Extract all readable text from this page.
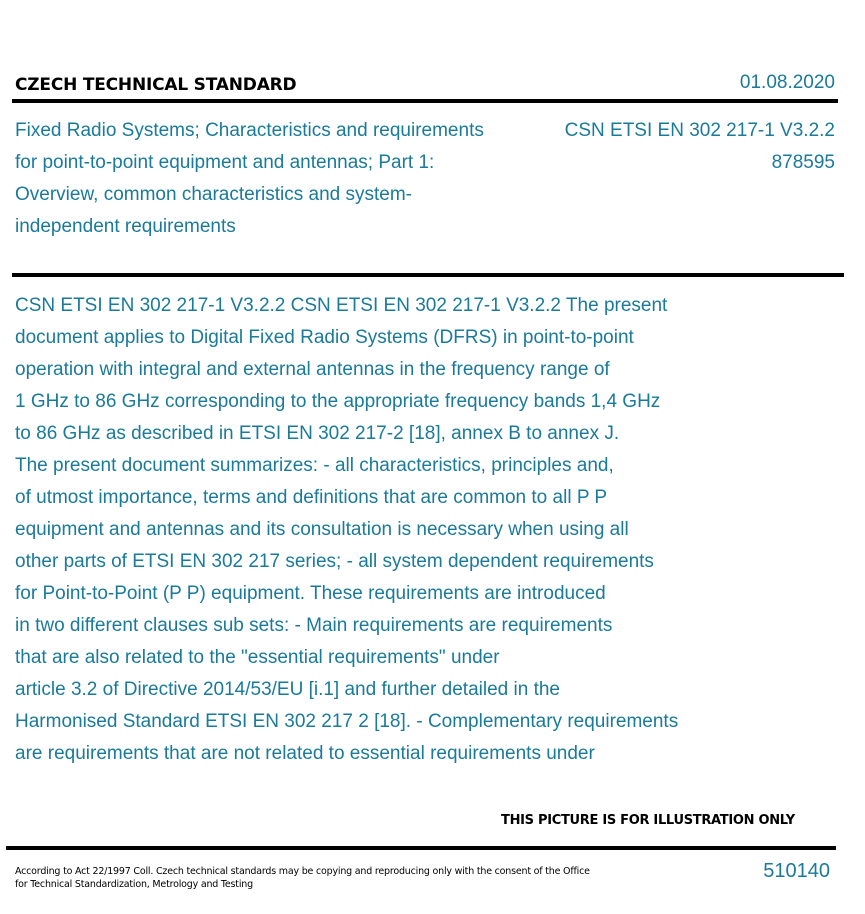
CZECH TECHNICAL STANDARD	01.08.2020
Fixed Radio Systems; Characteristics and requirements for point-to-point equipment and antennas; Part 1: Overview, common characteristics and system-independent requirements
CSN ETSI EN 302 217-1 V3.2.2
878595
CSN ETSI EN 302 217-1 V3.2.2 CSN ETSI EN 302 217-1 V3.2.2 The present
document applies to Digital Fixed Radio Systems (DFRS) in point-to-point
operation with integral and external antennas in the frequency range of
1 GHz to 86 GHz corresponding to the appropriate frequency bands 1,4 GHz
to 86 GHz as described in ETSI EN 302 217-2 [18], annex B to annex J.
The present document summarizes: - all characteristics, principles and,
of utmost importance, terms and definitions that are common to all P P
equipment and antennas and its consultation is necessary when using all
other parts of ETSI EN 302 217 series; - all system dependent requirements
for Point-to-Point (P P) equipment. These requirements are introduced
in two different clauses sub sets: - Main requirements are requirements
that are also related to the "essential requirements" under
article 3.2 of Directive 2014/53/EU [i.1] and further detailed in the
Harmonised Standard ETSI EN 302 217 2 [18]. - Complementary requirements
are requirements that are not related to essential requirements under
THIS PICTURE IS FOR ILLUSTRATION ONLY
According to Act 22/1997 Coll. Czech technical standards may be copying and reproducing only with the consent of the Office for Technical Standardization, Metrology and Testing
510140
